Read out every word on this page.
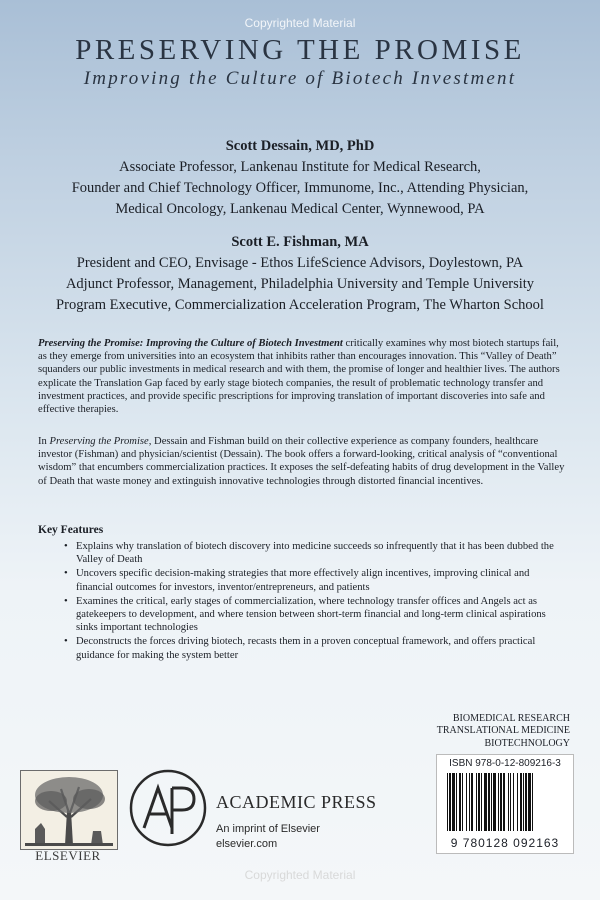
Copyrighted Material
PRESERVING THE PROMISE
Improving the Culture of Biotech Investment
Scott Dessain, MD, PhD
Associate Professor, Lankenau Institute for Medical Research,
Founder and Chief Technology Officer, Immunome, Inc., Attending Physician,
Medical Oncology, Lankenau Medical Center, Wynnewood, PA
Scott E. Fishman, MA
President and CEO, Envisage - Ethos LifeScience Advisors, Doylestown, PA
Adjunct Professor, Management, Philadelphia University and Temple University
Program Executive, Commercialization Acceleration Program, The Wharton School

Preserving the Promise: Improving the Culture of Biotech Investment critically examines why most biotech startups fail, as they emerge from universities into an ecosystem that inhibits rather than encourages innovation. This “Valley of Death” squanders our public investments in medical research and with them, the promise of longer and healthier lives. The authors explicate the Translation Gap faced by early stage biotech companies, the result of problematic technology transfer and investment practices, and provide specific prescriptions for improving translation of important discoveries into safe and effective therapies.

In Preserving the Promise, Dessain and Fishman build on their collective experience as company founders, healthcare investor (Fishman) and physician/scientist (Dessain). The book offers a forward-looking, critical analysis of “conventional wisdom” that encumbers commercialization practices. It exposes the self-defeating habits of drug development in the Valley of Death that waste money and extinguish innovative technologies through distorted financial incentives.

Key Features
• Explains why translation of biotech discovery into medicine succeeds so infrequently that it has been dubbed the Valley of Death
• Uncovers specific decision-making strategies that more effectively align incentives, improving clinical and financial outcomes for investors, inventor/entrepreneurs, and patients
• Examines the critical, early stages of commercialization, where technology transfer offices and Angels act as gatekeepers to development, and where tension between short-term financial and long-term clinical aspirations sinks important technologies
• Deconstructs the forces driving biotech, recasts them in a proven conceptual framework, and offers practical guidance for making the system better
BIOMEDICAL RESEARCH
TRANSLATIONAL MEDICINE
BIOTECHNOLOGY
ISBN 978-0-12-809216-3
9 780128 092163
ELSEVIER
ACADEMIC PRESS
An imprint of Elsevier
elsevier.com
Copyrighted Material
